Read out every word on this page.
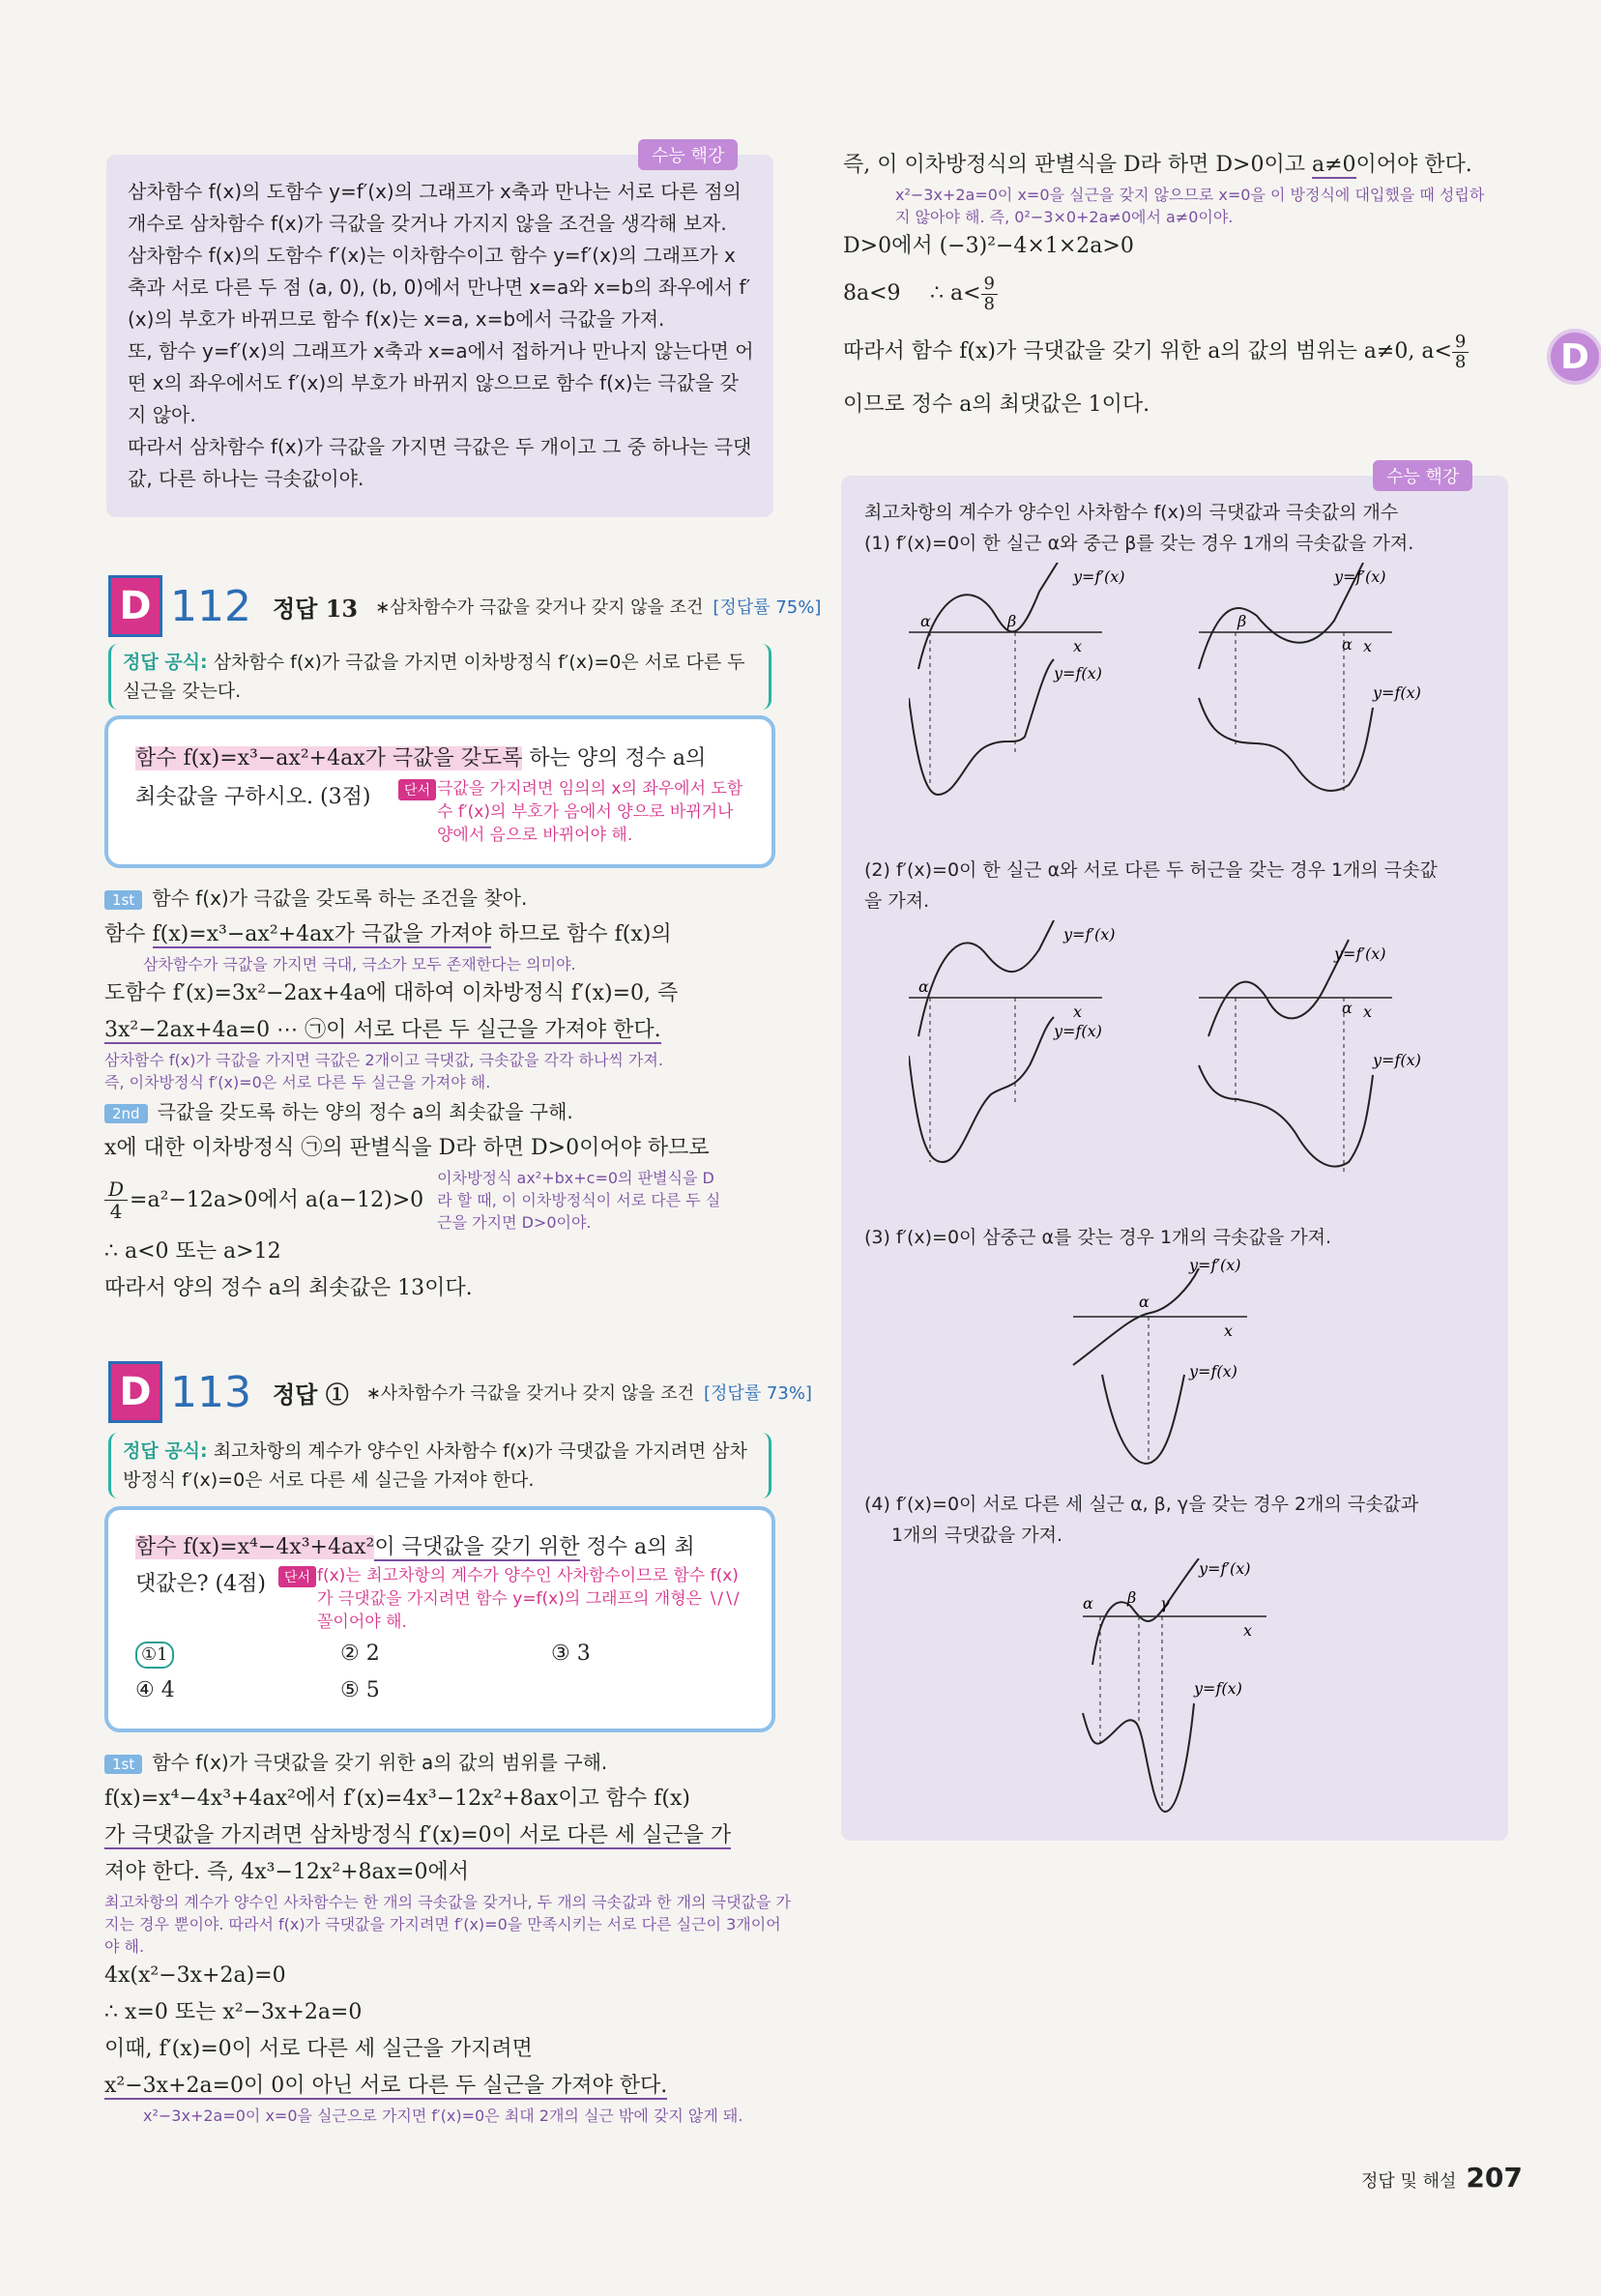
수능 핵강
삼차함수 f(x)의 도함수 y=f′(x)의 그래프가 x축과 만나는 서로 다른 점의 개수로 삼차함수 f(x)가 극값을 갖거나 가지지 않을 조건을 생각해 보자.
삼차함수 f(x)의 도함수 f′(x)는 이차함수이고 함수 y=f′(x)의 그래프가 x축과 서로 다른 두 점 (a, 0), (b, 0)에서 만나면 x=a와 x=b의 좌우에서 f′(x)의 부호가 바뀌므로 함수 f(x)는 x=a, x=b에서 극값을 가져.
또, 함수 y=f′(x)의 그래프가 x축과 x=a에서 접하거나 만나지 않는다면 어떤 x의 좌우에서도 f′(x)의 부호가 바뀌지 않으므로 함수 f(x)는 극값을 갖지 않아.
따라서 삼차함수 f(x)가 극값을 가지면 극값은 두 개이고 그 중 하나는 극댓값, 다른 하나는 극솟값이야.
D 112 정답 13 ∗삼차함수가 극값을 갖거나 갖지 않을 조건 [정답률 75%]
정답 공식: 삼차함수 f(x)가 극값을 가지면 이차방정식 f′(x)=0은 서로 다른 두 실근을 갖는다.
함수 f(x)=x³−ax²+4ax가 극값을 갖도록 하는 양의 정수 a의
최솟값을 구하시오. (3점)	단서 극값을 가지려면 임의의 x의 좌우에서 도함수 f′(x)의 부호가 음에서 양으로 바뀌거나 양에서 음으로 바뀌어야 해.
1st 함수 f(x)가 극값을 갖도록 하는 조건을 찾아.
함수 f(x)=x³−ax²+4ax가 극값을 가져야 하므로 함수 f(x)의
삼차함수가 극값을 가지면 극대, 극소가 모두 존재한다는 의미야.
도함수 f′(x)=3x²−2ax+4a에 대하여 이차방정식 f′(x)=0, 즉
3x²−2ax+4a=0 ⋯ ㉠이 서로 다른 두 실근을 가져야 한다.
삼차함수 f(x)가 극값을 가지면 극값은 2개이고 극댓값, 극솟값을 각각 하나씩 가져.
즉, 이차방정식 f′(x)=0은 서로 다른 두 실근을 가져야 해.
2nd 극값을 갖도록 하는 양의 정수 a의 최솟값을 구해.
x에 대한 이차방정식 ㉠의 판별식을 D라 하면 D>0이어야 하므로
$\frac{D}{4} =a^2-12a>0$에서 a(a−12)>0
이차방정식 ax²+bx+c=0의 판별식을 D라 할 때, 이 이차방정식이 서로 다른 두 실근을 가지면 D>0이야.
∴ a<0 또는 a>12
따라서 양의 정수 a의 최솟값은 13이다.
D 113 정답 ① ∗사차함수가 극값을 갖거나 갖지 않을 조건 [정답률 73%]
정답 공식: 최고차항의 계수가 양수인 사차함수 f(x)가 극댓값을 가지려면 삼차방정식 f′(x)=0은 서로 다른 세 실근을 가져야 한다.
함수 f(x)=x⁴−4x³+4ax²이 극댓값을 갖기 위한 정수 a의 최
댓값은? (4점)	단서 f(x)는 최고차항의 계수가 양수인 사차함수이므로 함수 f(x)가 극댓값을 가지려면 함수 y=f(x)의 그래프의 개형은 ∖∕∖∕ 꼴이어야 해.
①1	② 2	③ 3
④ 4	⑤ 5
1st 함수 f(x)가 극댓값을 갖기 위한 a의 값의 범위를 구해.
f(x)=x⁴−4x³+4ax²에서 f′(x)=4x³−12x²+8ax이고 함수 f(x)
가 극댓값을 가지려면 삼차방정식 f′(x)=0이 서로 다른 세 실근을 가
져야 한다. 즉, 4x³−12x²+8ax=0에서
최고차항의 계수가 양수인 사차함수는 한 개의 극솟값을 갖거나, 두 개의 극솟값과 한 개의 극댓값을 가지는 경우 뿐이야. 따라서 f(x)가 극댓값을 가지려면 f′(x)=0을 만족시키는 서로 다른 실근이 3개이어야 해.
4x(x²−3x+2a)=0
∴ x=0 또는 x²−3x+2a=0
이때, f′(x)=0이 서로 다른 세 실근을 가지려면
x²−3x+2a=0이 0이 아닌 서로 다른 두 실근을 가져야 한다.
x²−3x+2a=0이 x=0을 실근으로 가지면 f′(x)=0은 최대 2개의 실근 밖에 갖지 않게 돼.
즉, 이 이차방정식의 판별식을 D라 하면 D>0이고 a≠0이어야 한다.
x²−3x+2a=0이 x=0을 실근을 갖지 않으므로 x=0을 이 방정식에 대입했을 때 성립하지 않아야 해. 즉, 0²−3×0+2a≠0에서 a≠0이야.
D>0에서 (−3)²−4×1×2a>0
8a<9	∴ $a< \frac{9}{8}$
따라서 함수 f(x)가 극댓값을 갖기 위한 a의 값의 범위는 a≠0, $a< \frac{9}{8}$
이므로 정수 a의 최댓값은 1이다.
D
수능 핵강
최고차항의 계수가 양수인 사차함수 f(x)의 극댓값과 극솟값의 개수
(1) f′(x)=0이 한 실근 α와 중근 β를 갖는 경우 1개의 극솟값을 가져.
x
y=f′(x)
α	β
y=f(x)
x
y=f′(x)
β
α
y=f(x)
(2) f′(x)=0이 한 실근 α와 서로 다른 두 허근을 갖는 경우 1개의 극솟값
을 가져.
x
y=f′(x)
α
y=f(x)
x
y=f′(x)
α
y=f(x)
(3) f′(x)=0이 삼중근 α를 갖는 경우 1개의 극솟값을 가져.
x
y=f′(x)
α
y=f(x)
(4) f′(x)=0이 서로 다른 세 실근 α, β, γ을 갖는 경우 2개의 극솟값과
1개의 극댓값을 가져.
x
y=f′(x)
α β γ
y=f(x)
정답 및 해설 207
